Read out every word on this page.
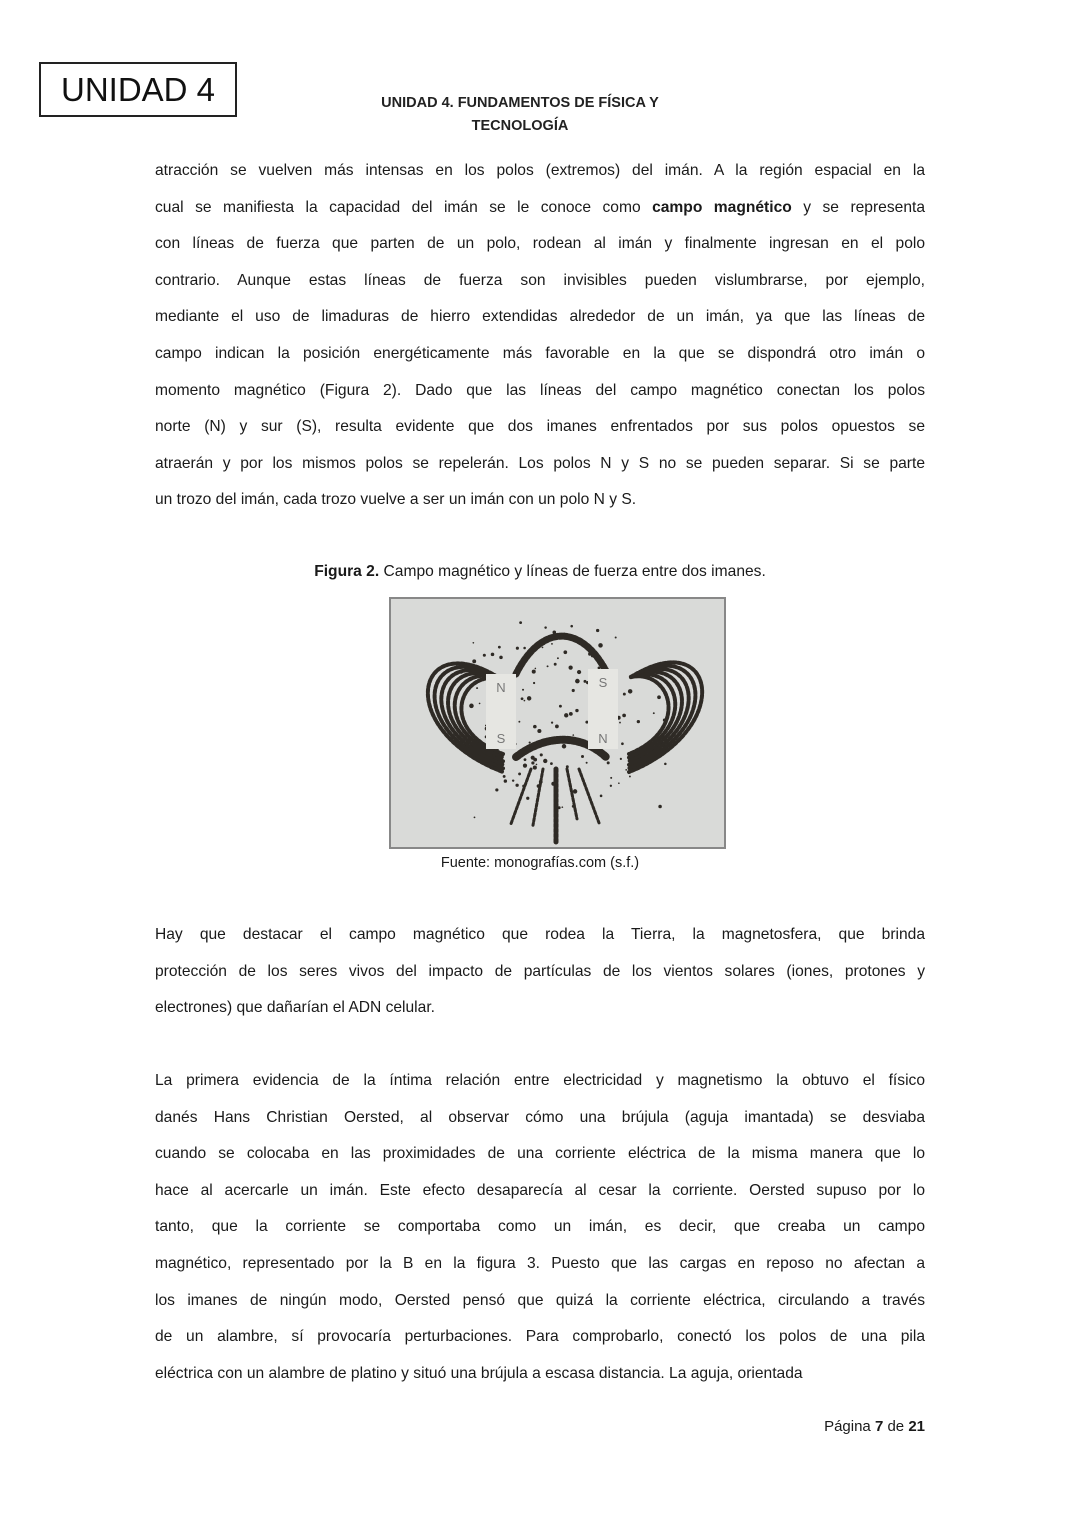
UNIDAD 4	UNIDAD 4. FUNDAMENTOS DE FÍSICA Y
TECNOLOGÍA
atracción se vuelven más intensas en los polos (extremos) del imán. A la región espacial en la
cual se manifiesta la capacidad del imán se le conoce como campo magnético y se representa
con líneas de fuerza que parten de un polo, rodean al imán y finalmente ingresan en el polo
contrario. Aunque estas líneas de fuerza son invisibles pueden vislumbrarse, por ejemplo,
mediante el uso de limaduras de hierro extendidas alrededor de un imán, ya que las líneas de
campo indican la posición energéticamente más favorable en la que se dispondrá otro imán o
momento magnético (Figura 2). Dado que las líneas del campo magnético conectan los polos
norte (N) y sur (S), resulta evidente que dos imanes enfrentados por sus polos opuestos se
atraerán y por los mismos polos se repelerán. Los polos N y S no se pueden separar. Si se parte
un trozo del imán, cada trozo vuelve a ser un imán con un polo N y S.
Figura 2. Campo magnético y líneas de fuerza entre dos imanes.
N
S
S
N
Fuente: monografías.com (s.f.)
Hay que destacar el campo magnético que rodea la Tierra, la magnetosfera, que brinda
protección de los seres vivos del impacto de partículas de los vientos solares (iones, protones y
electrones) que dañarían el ADN celular.
La primera evidencia de la íntima relación entre electricidad y magnetismo la obtuvo el físico
danés Hans Christian Oersted, al observar cómo una brújula (aguja imantada) se desviaba
cuando se colocaba en las proximidades de una corriente eléctrica de la misma manera que lo
hace al acercarle un imán. Este efecto desaparecía al cesar la corriente. Oersted supuso por lo
tanto, que la corriente se comportaba como un imán, es decir, que creaba un campo
magnético, representado por la B en la figura 3. Puesto que las cargas en reposo no afectan a
los imanes de ningún modo, Oersted pensó que quizá la corriente eléctrica, circulando a través
de un alambre, sí provocaría perturbaciones. Para comprobarlo, conectó los polos de una pila
eléctrica con un alambre de platino y situó una brújula a escasa distancia. La aguja, orientada
Página 7 de 21
